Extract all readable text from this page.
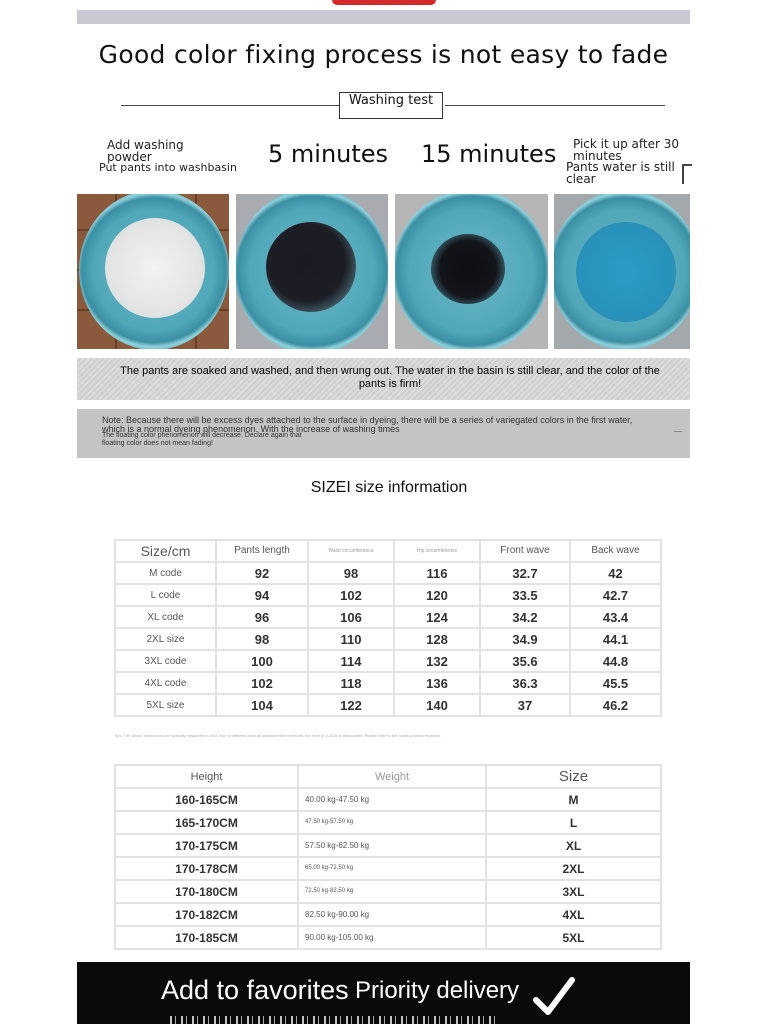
Good color fixing process is not easy to fade
Washing test
Add washing
powder
Put pants into washbasin 5 minutes 15 minutes Pick it up after 30
minutes
Pants water is still
clear
The pants are soaked and washed, and then wrung out. The water in the basin is still clear, and the color of the pants is firm!
Note: Because there will be excess dyes attached to the surface in dyeing, there will be a series of variegated colors in the first water,
which is a normal dyeing phenomenon. With the increase of washing times
The floating color phenomenon will decrease. Declare again that
floating color does not mean fading!
SIZEI size information
Size/cm	Pants length	Waist circumference	Hip circumference	Front wave	Back wave
M code	92	98	116	32.7	42
L code	94	102	120	33.5	42.7
XL code	96	106	124	34.2	43.4
2XL size	98	110	128	34.9	44.1
3XL code	100	114	132	35.6	44.8
4XL code	102	118	136	36.3	45.5
5XL size	104	122	140	37	46.2
Tips: The above dimensions are actually measured in kind. Due to different manual measurement methods, the error of 2-3CM is reasonable. Please refer to the actual product received.
Height	Weight	Size
160-165CM	40.00 kg-47.50 kg	M
165-170CM	47.50 kg-57.50 kg	L
170-175CM	57.50 kg-62.50 kg	XL
170-178CM	65.00 kg-72.50 kg	2XL
170-180CM	72.50 kg-82.50 kg	3XL
170-182CM	82.50 kg-90.00 kg	4XL
170-185CM	90.00 kg-105.00 kg	5XL
Add to favorites Priority delivery
